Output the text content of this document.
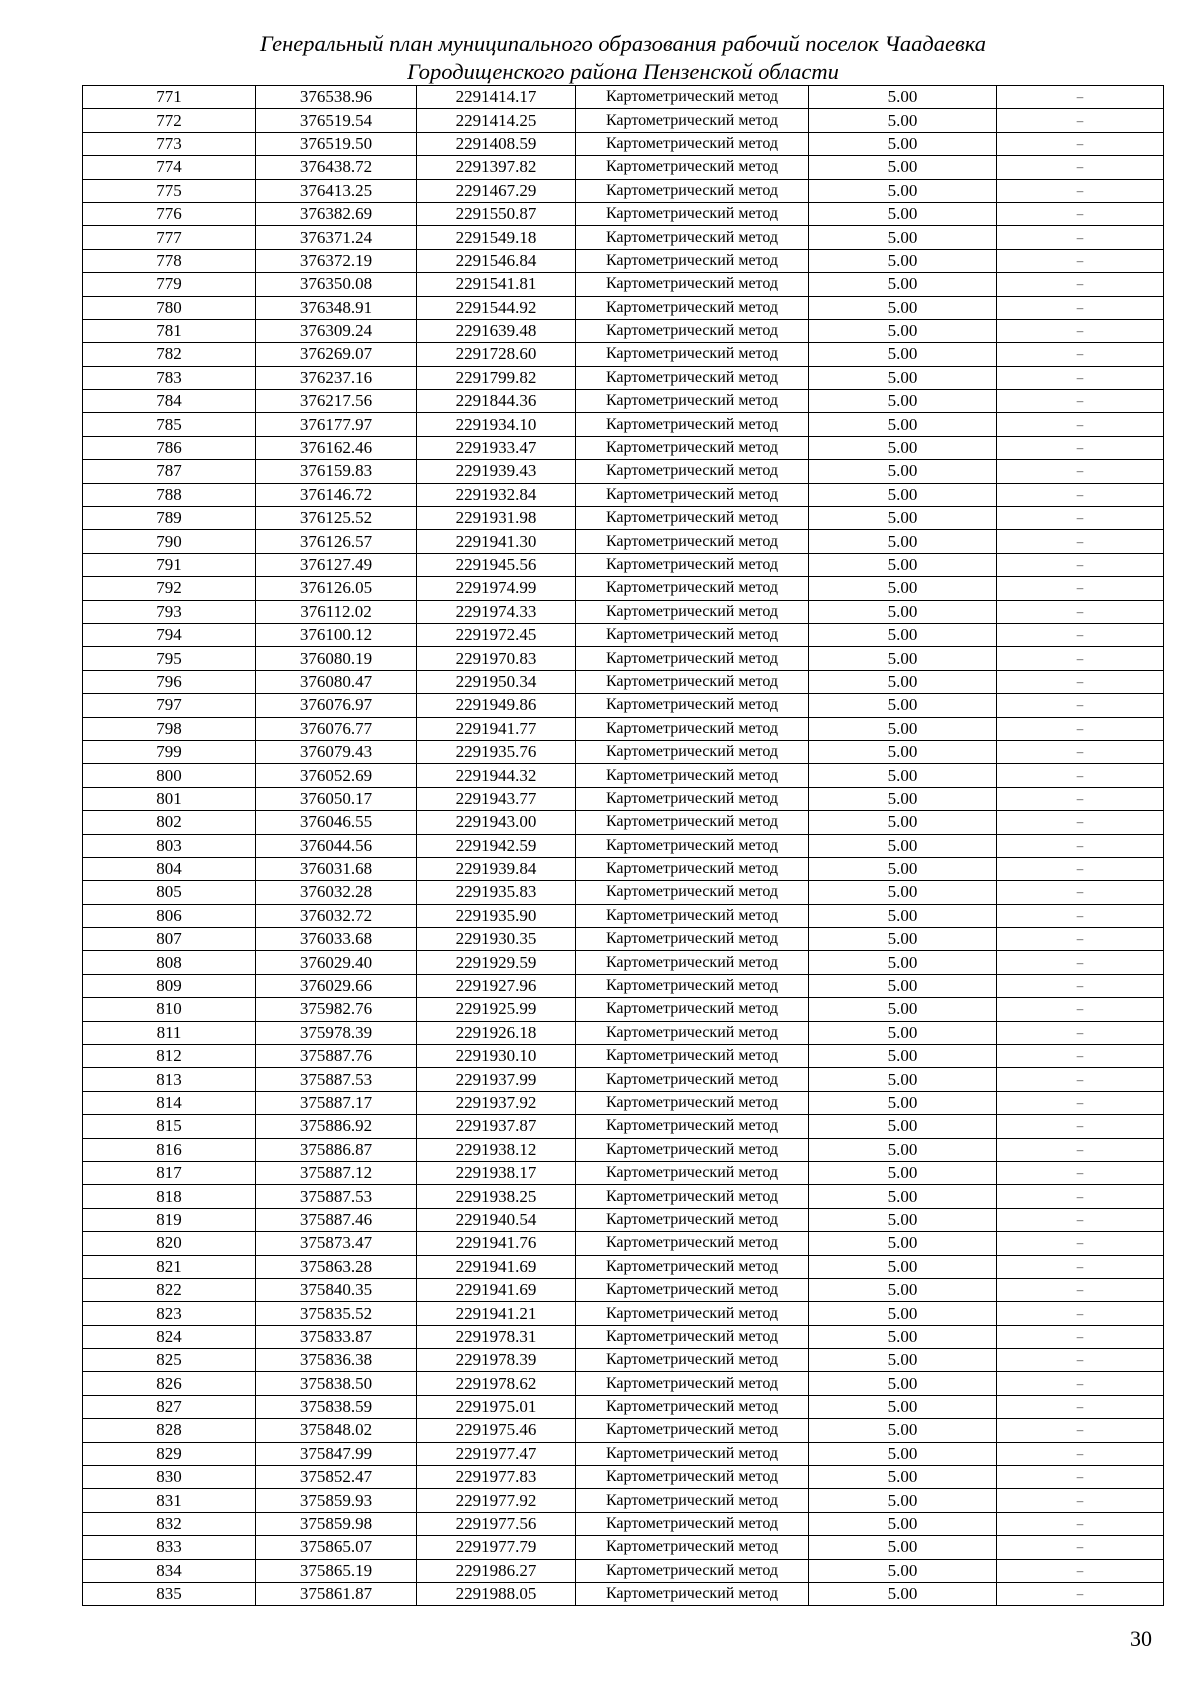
Генеральный план муниципального образования рабочий поселок Чаадаевка
Городищенского района Пензенской области
771	376538.96	2291414.17	Картометрический метод	5.00	–
772	376519.54	2291414.25	Картометрический метод	5.00	–
773	376519.50	2291408.59	Картометрический метод	5.00	–
774	376438.72	2291397.82	Картометрический метод	5.00	–
775	376413.25	2291467.29	Картометрический метод	5.00	–
776	376382.69	2291550.87	Картометрический метод	5.00	–
777	376371.24	2291549.18	Картометрический метод	5.00	–
778	376372.19	2291546.84	Картометрический метод	5.00	–
779	376350.08	2291541.81	Картометрический метод	5.00	–
780	376348.91	2291544.92	Картометрический метод	5.00	–
781	376309.24	2291639.48	Картометрический метод	5.00	–
782	376269.07	2291728.60	Картометрический метод	5.00	–
783	376237.16	2291799.82	Картометрический метод	5.00	–
784	376217.56	2291844.36	Картометрический метод	5.00	–
785	376177.97	2291934.10	Картометрический метод	5.00	–
786	376162.46	2291933.47	Картометрический метод	5.00	–
787	376159.83	2291939.43	Картометрический метод	5.00	–
788	376146.72	2291932.84	Картометрический метод	5.00	–
789	376125.52	2291931.98	Картометрический метод	5.00	–
790	376126.57	2291941.30	Картометрический метод	5.00	–
791	376127.49	2291945.56	Картометрический метод	5.00	–
792	376126.05	2291974.99	Картометрический метод	5.00	–
793	376112.02	2291974.33	Картометрический метод	5.00	–
794	376100.12	2291972.45	Картометрический метод	5.00	–
795	376080.19	2291970.83	Картометрический метод	5.00	–
796	376080.47	2291950.34	Картометрический метод	5.00	–
797	376076.97	2291949.86	Картометрический метод	5.00	–
798	376076.77	2291941.77	Картометрический метод	5.00	–
799	376079.43	2291935.76	Картометрический метод	5.00	–
800	376052.69	2291944.32	Картометрический метод	5.00	–
801	376050.17	2291943.77	Картометрический метод	5.00	–
802	376046.55	2291943.00	Картометрический метод	5.00	–
803	376044.56	2291942.59	Картометрический метод	5.00	–
804	376031.68	2291939.84	Картометрический метод	5.00	–
805	376032.28	2291935.83	Картометрический метод	5.00	–
806	376032.72	2291935.90	Картометрический метод	5.00	–
807	376033.68	2291930.35	Картометрический метод	5.00	–
808	376029.40	2291929.59	Картометрический метод	5.00	–
809	376029.66	2291927.96	Картометрический метод	5.00	–
810	375982.76	2291925.99	Картометрический метод	5.00	–
811	375978.39	2291926.18	Картометрический метод	5.00	–
812	375887.76	2291930.10	Картометрический метод	5.00	–
813	375887.53	2291937.99	Картометрический метод	5.00	–
814	375887.17	2291937.92	Картометрический метод	5.00	–
815	375886.92	2291937.87	Картометрический метод	5.00	–
816	375886.87	2291938.12	Картометрический метод	5.00	–
817	375887.12	2291938.17	Картометрический метод	5.00	–
818	375887.53	2291938.25	Картометрический метод	5.00	–
819	375887.46	2291940.54	Картометрический метод	5.00	–
820	375873.47	2291941.76	Картометрический метод	5.00	–
821	375863.28	2291941.69	Картометрический метод	5.00	–
822	375840.35	2291941.69	Картометрический метод	5.00	–
823	375835.52	2291941.21	Картометрический метод	5.00	–
824	375833.87	2291978.31	Картометрический метод	5.00	–
825	375836.38	2291978.39	Картометрический метод	5.00	–
826	375838.50	2291978.62	Картометрический метод	5.00	–
827	375838.59	2291975.01	Картометрический метод	5.00	–
828	375848.02	2291975.46	Картометрический метод	5.00	–
829	375847.99	2291977.47	Картометрический метод	5.00	–
830	375852.47	2291977.83	Картометрический метод	5.00	–
831	375859.93	2291977.92	Картометрический метод	5.00	–
832	375859.98	2291977.56	Картометрический метод	5.00	–
833	375865.07	2291977.79	Картометрический метод	5.00	–
834	375865.19	2291986.27	Картометрический метод	5.00	–
835	375861.87	2291988.05	Картометрический метод	5.00	–
30
